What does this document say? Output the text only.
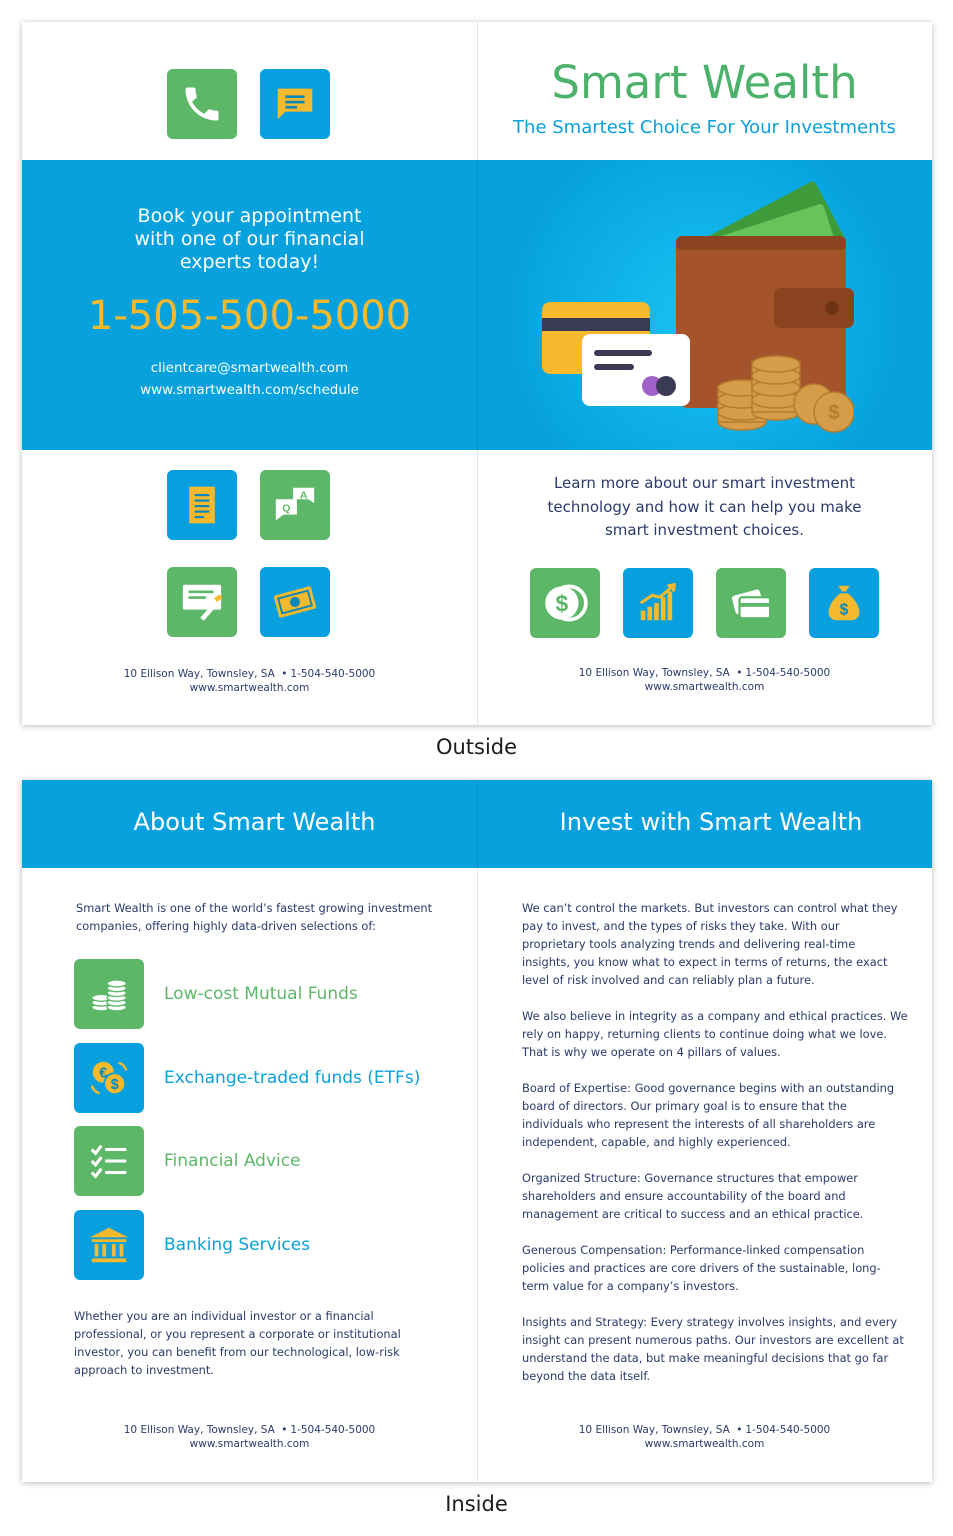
Smart Wealth
The Smartest Choice For Your Investments
Book your appointment
with one of our financial
experts today!
1-505-500-5000
clientcare@smartwealth.com
www.smartwealth.com/schedule
$
Q
A
Learn more about our smart investment
technology and how it can help you make
smart investment choices.
$	$
10 Ellison Way, Townsley, SA • 1-504-540-5000
www.smartwealth.com
10 Ellison Way, Townsley, SA • 1-504-540-5000
www.smartwealth.com
Outside
About Smart Wealth	Invest with Smart Wealth
Smart Wealth is one of the world’s fastest growing investment
companies, offering highly data-driven selections of:
Low-cost Mutual Funds
€
$	Exchange-traded funds (ETFs)
Financial Advice
Banking Services
Whether you are an individual investor or a financial
professional, or you represent a corporate or institutional
investor, you can benefit from our technological, low-risk
approach to investment.

We can’t control the markets. But investors can control what they
pay to invest, and the types of risks they take. With our
proprietary tools analyzing trends and delivering real-time
insights, you know what to expect in terms of returns, the exact
level of risk involved and can reliably plan a future.

We also believe in integrity as a company and ethical practices. We
rely on happy, returning clients to continue doing what we love.
That is why we operate on 4 pillars of values.

Board of Expertise: Good governance begins with an outstanding
board of directors. Our primary goal is to ensure that the
individuals who represent the interests of all shareholders are
independent, capable, and highly experienced.

Organized Structure: Governance structures that empower
shareholders and ensure accountability of the board and
management are critical to success and an ethical practice.

Generous Compensation: Performance-linked compensation
policies and practices are core drivers of the sustainable, long-
term value for a company’s investors.

Insights and Strategy: Every strategy involves insights, and every
insight can present numerous paths. Our investors are excellent at
understand the data, but make meaningful decisions that go far
beyond the data itself.

10 Ellison Way, Townsley, SA • 1-504-540-5000
www.smartwealth.com
10 Ellison Way, Townsley, SA • 1-504-540-5000
www.smartwealth.com
Inside
